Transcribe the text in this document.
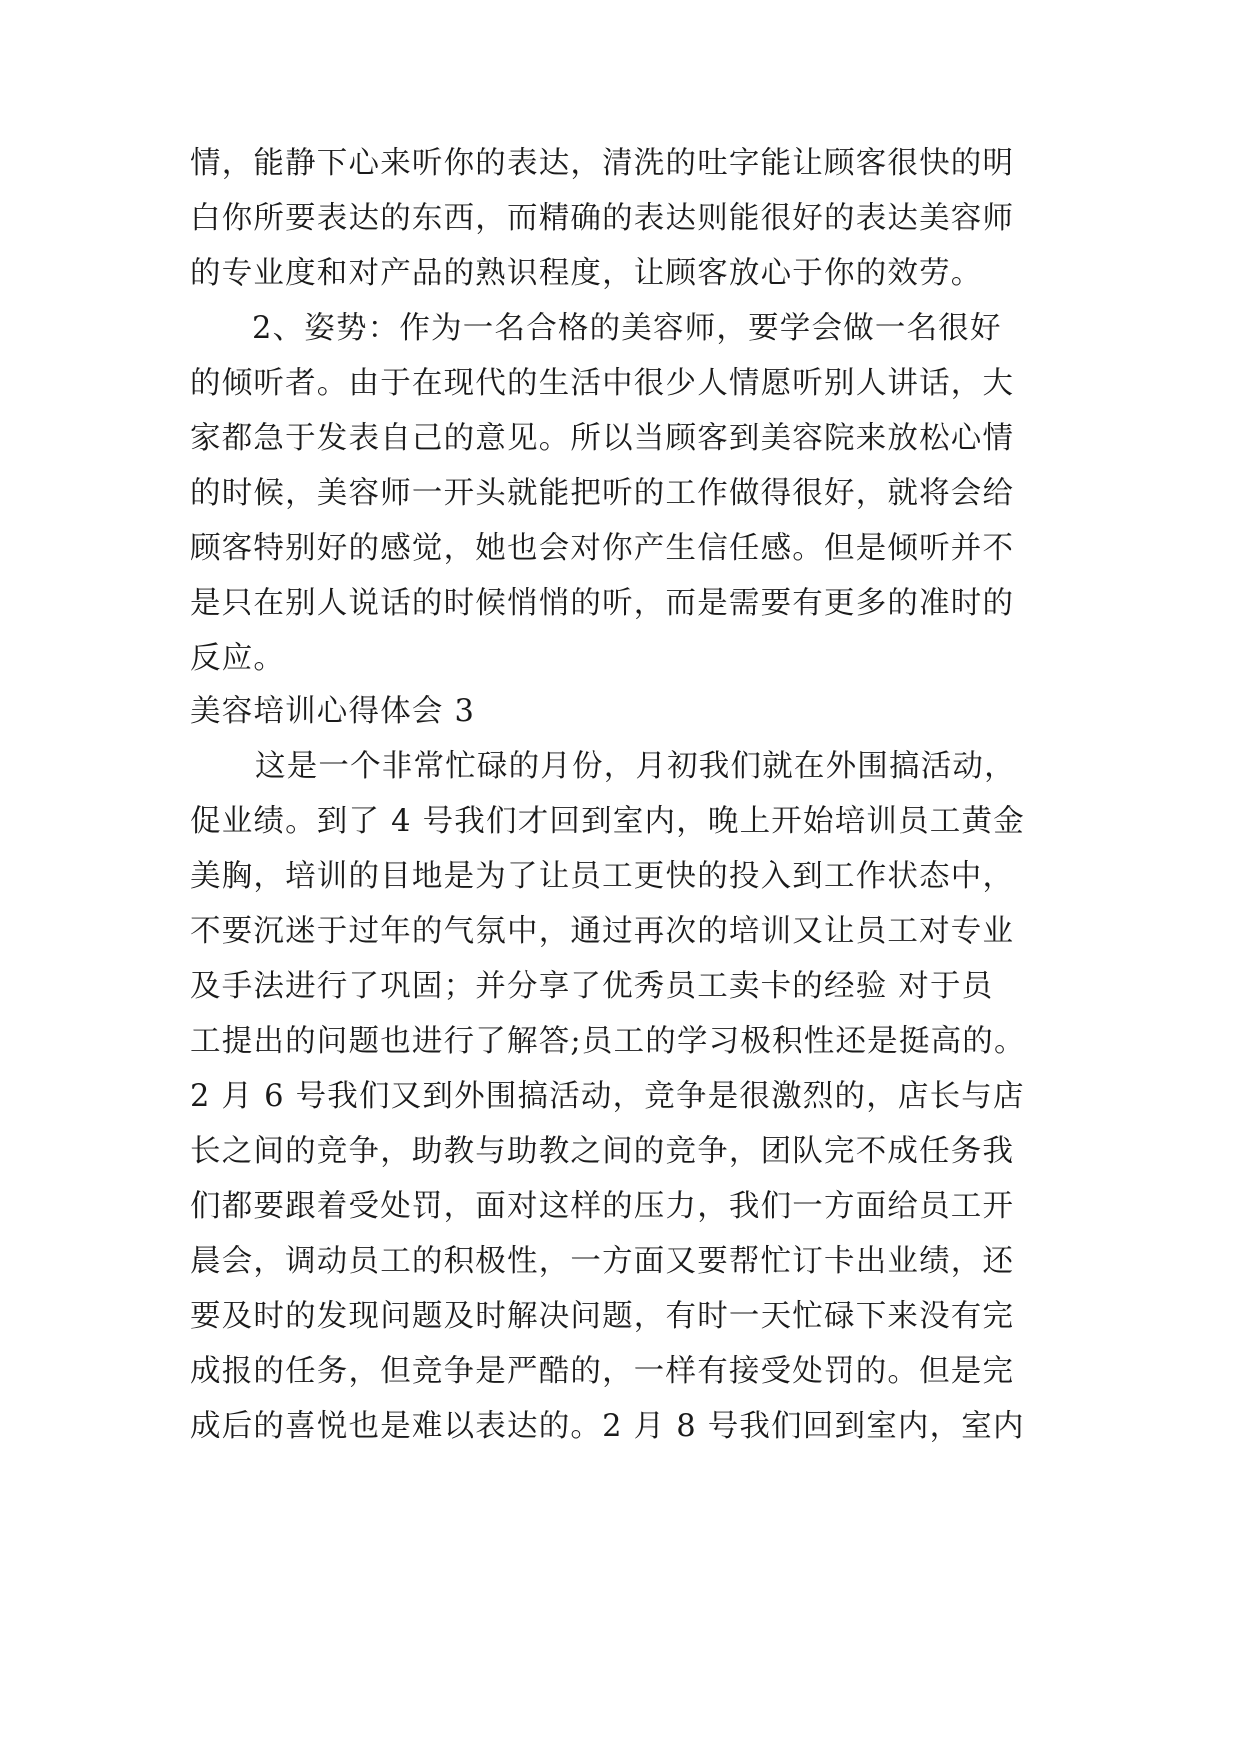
情，能静下心来听你的表达，清洗的吐字能让顾客很快的明
白你所要表达的东西，而精确的表达则能很好的表达美容师
的专业度和对产品的熟识程度，让顾客放心于你的效劳。
2、姿势：作为一名合格的美容师，要学会做一名很好
的倾听者。由于在现代的生活中很少人情愿听别人讲话，大
家都急于发表自己的意见。所以当顾客到美容院来放松心情
的时候，美容师一开头就能把听的工作做得很好，就将会给
顾客特别好的感觉，她也会对你产生信任感。但是倾听并不
是只在别人说话的时候悄悄的听，而是需要有更多的准时的
反应。
美容培训心得体会 3
这是一个非常忙碌的月份，月初我们就在外围搞活动，
促业绩。到了 4 号我们才回到室内，晚上开始培训员工黄金
美胸，培训的目地是为了让员工更快的投入到工作状态中，
不要沉迷于过年的气氛中，通过再次的培训又让员工对专业
及手法进行了巩固；并分享了优秀员工卖卡的经验 对于员
工提出的问题也进行了解答;员工的学习极积性还是挺高的。
2 月 6 号我们又到外围搞活动，竞争是很激烈的，店长与店
长之间的竞争，助教与助教之间的竞争，团队完不成任务我
们都要跟着受处罚，面对这样的压力，我们一方面给员工开
晨会，调动员工的积极性，一方面又要帮忙订卡出业绩，还
要及时的发现问题及时解决问题，有时一天忙碌下来没有完
成报的任务，但竞争是严酷的，一样有接受处罚的。但是完
成后的喜悦也是难以表达的。2 月 8 号我们回到室内，室内
